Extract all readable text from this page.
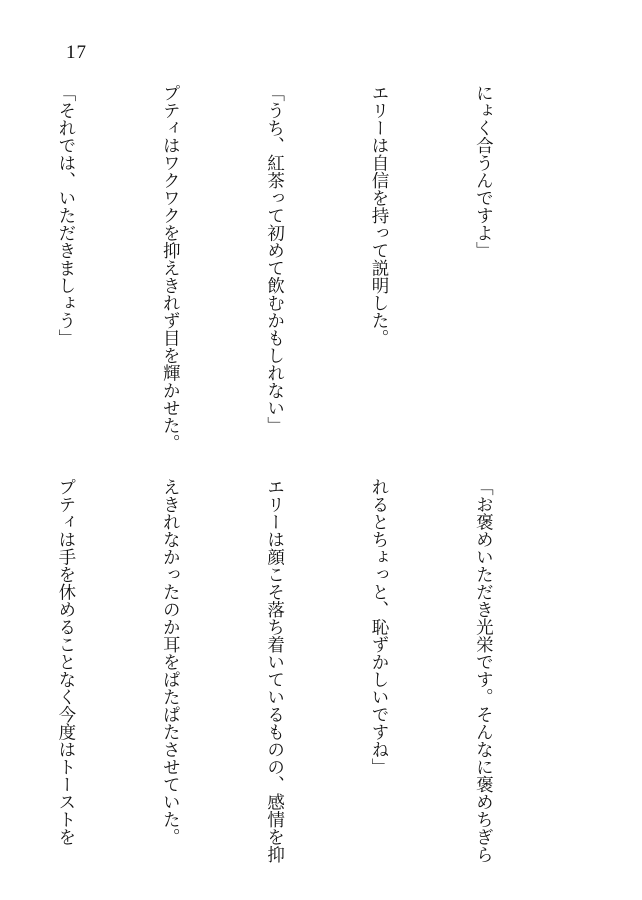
17

にょく合うんですよ」

エリーは自信を持って説明した。

「うち、紅茶って初めて飲むかもしれない」

プティはワクワクを抑えきれず目を輝かせた。

「それでは、いただきましょう」

「お褒めいただき光栄です。そんなに褒めちぎら

れるとちょっと、恥ずかしいですね」

エリーは顔こそ落ち着いているものの、感情を抑

えきれなかったのか耳をぱたぱたさせていた。

プティは手を休めることなく今度はトーストを
